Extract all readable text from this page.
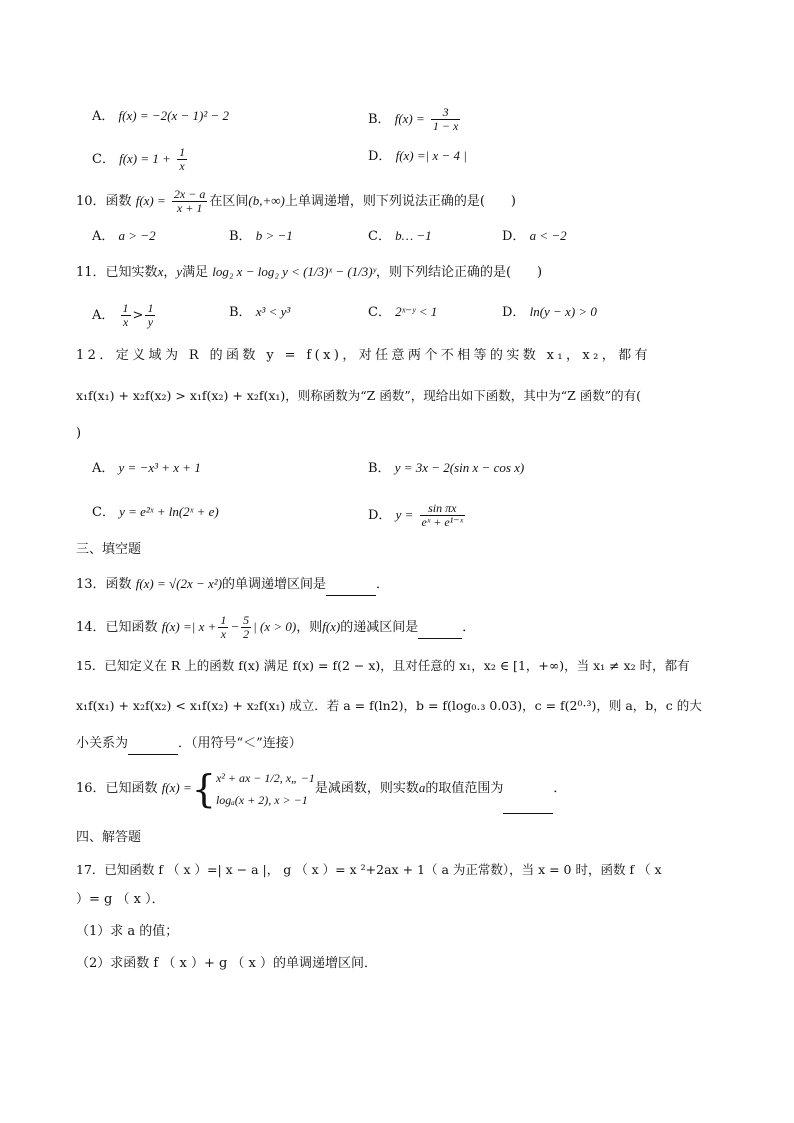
A． f(x) = −2(x − 1)² − 2	B． $f(x) = \frac{3}{1 - x}$
C． $f(x) = 1 + \frac{1}{x}$	D． f(x) =| x − 4 |
10．函数 $f(x) = \frac{2x - a}{x + 1}$ 在区间(b,+∞)上单调递增，则下列说法正确的是(　　)
A． a > −2	B． b > −1	C． b… −1	D． a < −2
11．已知实数x，y满足 log₂ x − log₂ y < (1/3)ˣ − (1/3)ʸ，则下列结论正确的是(　　)
A． $\frac{1}{x} > \frac{1}{y}$	B． x³ < y³	C． 2ˣ⁻ʸ < 1	D． ln(y − x) > 0
12．定义域为 R 的函数 y = f(x)，对任意两个不相等的实数 x₁，x₂，都有
x₁f(x₁) + x₂f(x₂) > x₁f(x₂) + x₂f(x₁)，则称函数为“Z 函数”，现给出如下函数，其中为“Z 函数”的有(
)
A． y = −x³ + x + 1	B． y = 3x − 2(sin x − cos x)
C． y = e²ˣ + ln(2ˣ + e)	D． $y = \frac{\text{sin πx}}{\text{eˣ + e¹⁻ˣ}}$
三、填空题
13．函数 f(x) = √(2x − x²)的单调递增区间是	．
14．已知函数 f(x) =| $x + \frac{1}{x} - \frac{5}{2}$ | (x > 0)，则f(x)的递减区间是	．
15．已知定义在 R 上的函数 f(x) 满足 f(x) = f(2 − x)，且对任意的 x₁，x₂ ∈ [1，+∞)，当 x₁ ≠ x₂ 时，都有
x₁f(x₁) + x₂f(x₂) < x₁f(x₂) + x₂f(x₁) 成立．若 a = f(ln2)，b = f(log₀.₃ 0.03)，c = f(2⁰·³)，则 a，b，c 的大
小关系为	．（用符号“＜”连接）
16．已知函数 f(x) ={ x² + ax − 1/2, x„ −1
logₐ(x + 2), x > −1
是减函数，则实数a的取值范围为	．
四、解答题
17．已知函数 f （ x ）=| x − a |， g （ x ）= x ²+2ax + 1（ a 为正常数），当 x = 0 时，函数 f （ x
）= g （ x ）．
（1）求 a 的值；
（2）求函数 f （ x ）+ g （ x ）的单调递增区间．
